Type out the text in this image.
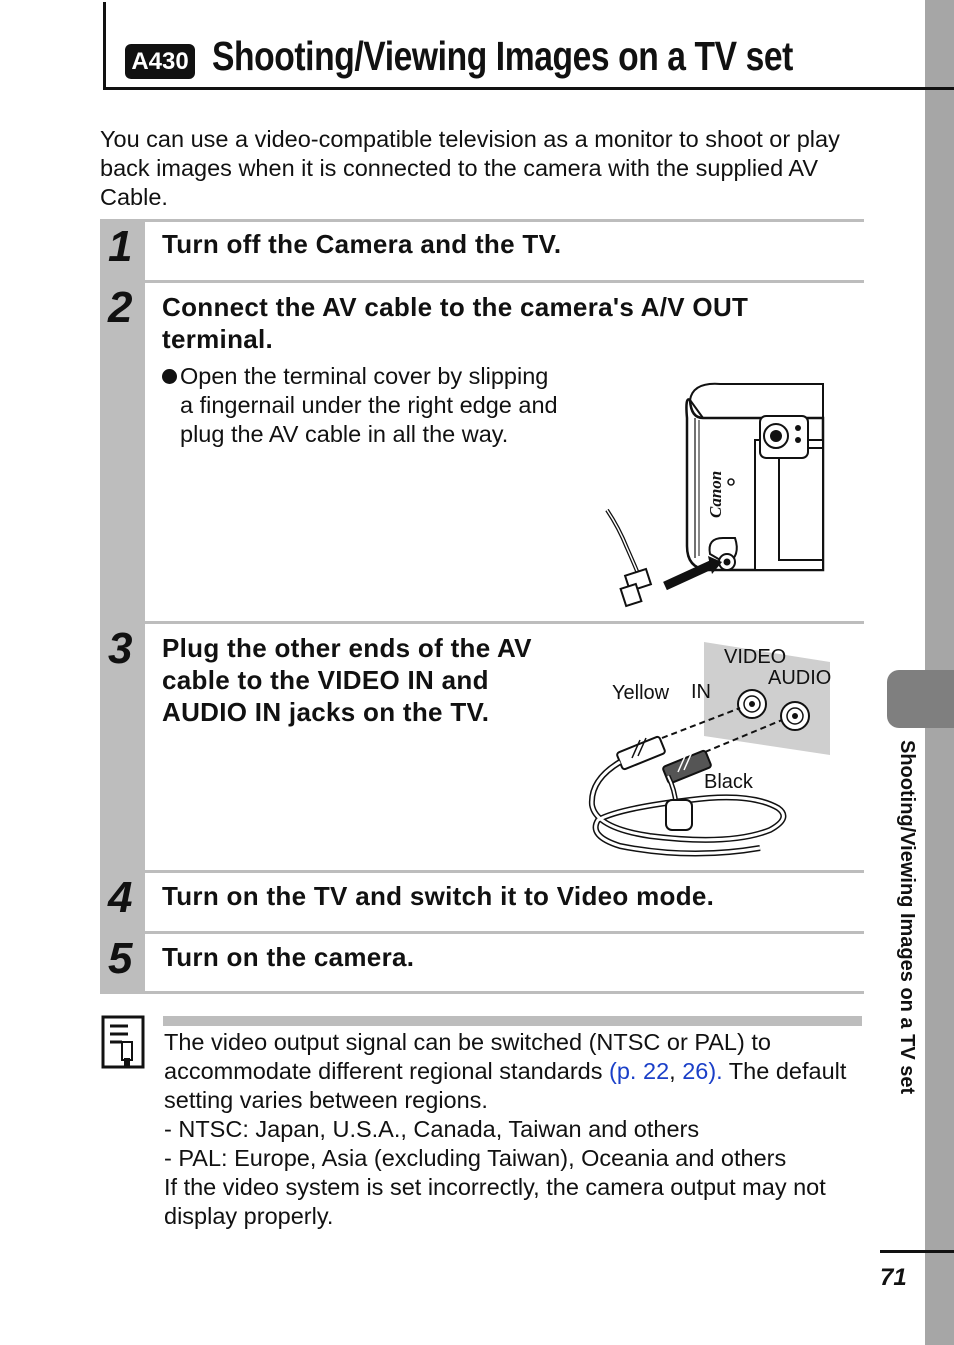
Shooting/Viewing Images on a TV set
A430 Shooting/Viewing Images on a TV set
You can use a video-compatible television as a monitor to shoot or play back images when it is connected to the camera with the supplied AV Cable.
1 Turn off the Camera and the TV.
2 Connect the AV cable to the camera's A/V OUT terminal.
Open the terminal cover by slipping a fingernail under the right edge and plug the AV cable in all the way.
Canon
3 Plug the other ends of the AV cable to the VIDEO IN and AUDIO IN jacks on the TV.
VIDEO
AUDIO
IN
Yellow
Black
4 Turn on the TV and switch it to Video mode.
5 Turn on the camera.

The video output signal can be switched (NTSC or PAL) to accommodate different regional standards (p. 22, 26). The default setting varies between regions.

- NTSC: Japan, U.S.A., Canada, Taiwan and others
- PAL: Europe, Asia (excluding Taiwan), Oceania and others

If the video system is set incorrectly, the camera output may not display properly.

71
